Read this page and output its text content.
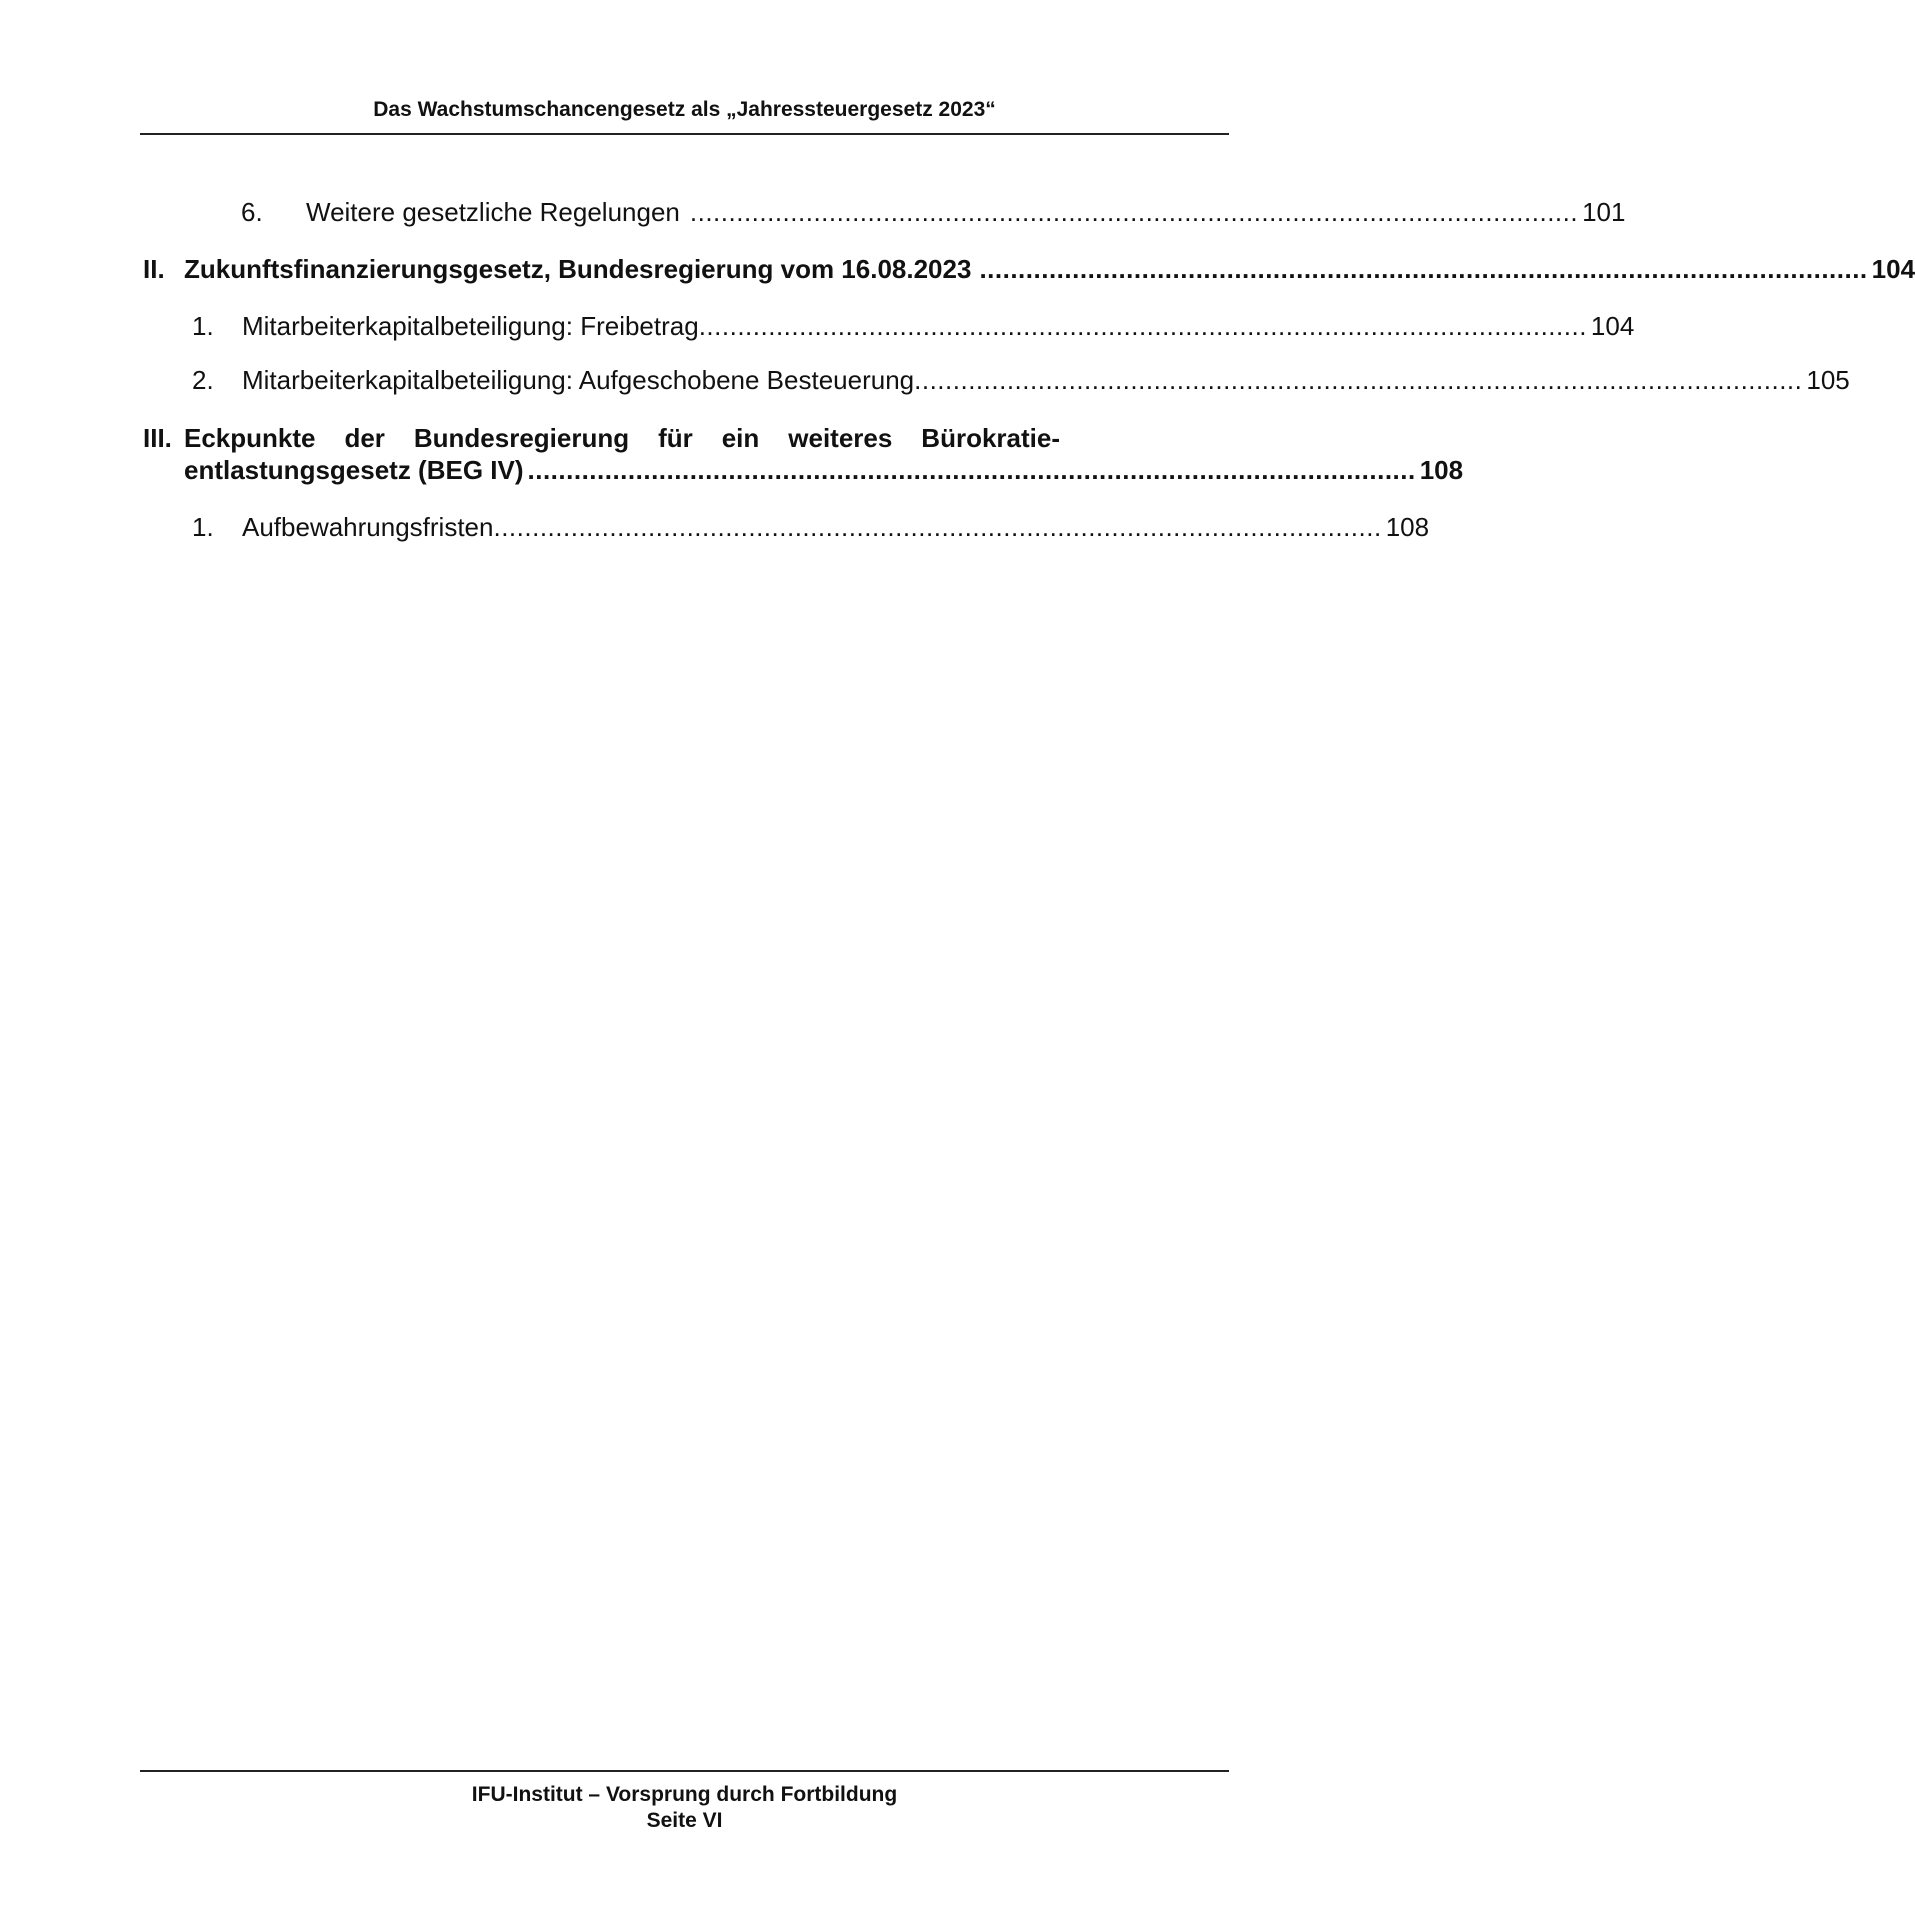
Das Wachstumschancengesetz als „Jahressteuergesetz 2023“
6.	Weitere gesetzliche Regelungen ................................................................................................................... 101
II. Zukunftsfinanzierungsgesetz, Bundesregierung vom 16.08.2023 ................................................................................................................... 104
1.	Mitarbeiterkapitalbeteiligung: Freibetrag ................................................................................................................... 104
2.	Mitarbeiterkapitalbeteiligung: Aufgeschobene Besteuerung ................................................................................................................... 105
III. Eckpunkte der Bundesregierung für ein weiteres Bürokratie-
entlastungsgesetz (BEG IV) ................................................................................................................... 108
1.	Aufbewahrungsfristen ................................................................................................................... 108
IFU-Institut – Vorsprung durch Fortbildung
Seite VI
